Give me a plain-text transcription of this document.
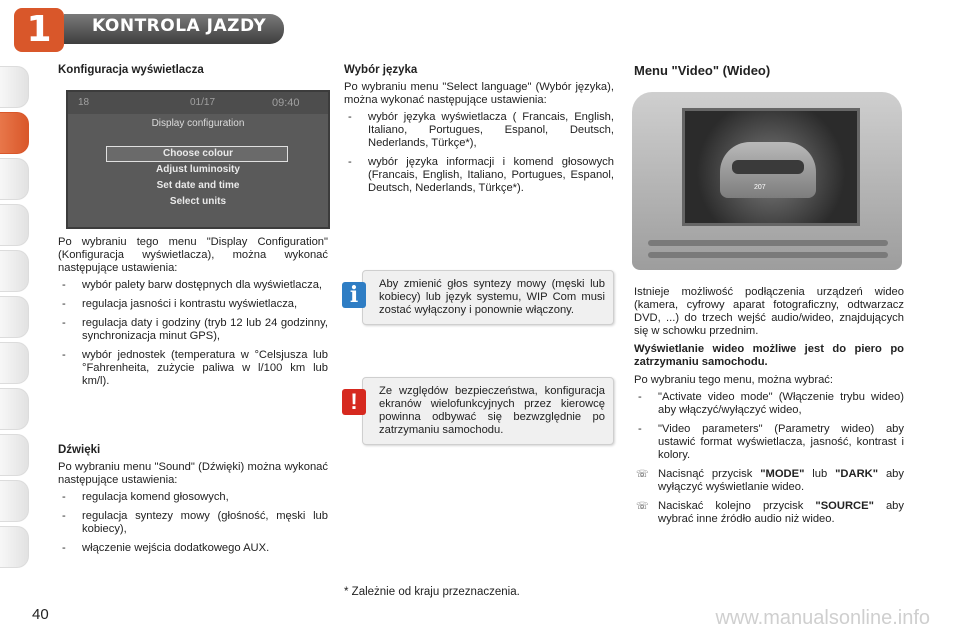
1	KONTROLA JAZDY
Konfiguracja wyświetlacza
18	01/17	09:40
Display configuration
Choose colour
Adjust luminosity
Set date and time
Select units
Po wybraniu tego menu "Display Configuration" (Konfiguracja wyświetlacza), można wykonać następujące ustawienia:
- wybór palety barw dostępnych dla wyświetlacza,
- regulacja jasności i kontrastu wyświetlacza,
- regulacja daty i godziny (tryb 12 lub 24 godzinny, synchronizacja minut GPS),
- wybór jednostek (temperatura w °Celsjusza lub °Fahrenheita, zużycie paliwa w l/100 km lub km/l).
Dźwięki
Po wybraniu menu "Sound" (Dźwięki) można wykonać następujące ustawienia:
- regulacja komend głosowych,
- regulacja syntezy mowy (głośność, męski lub kobiecy),
- włączenie wejścia dodatkowego AUX.
Wybór języka
Po wybraniu menu "Select language" (Wybór języka), można wykonać następujące ustawienia:
- wybór języka wyświetlacza ( Francais, English, Italiano, Portugues, Espanol, Deutsch, Nederlands, Türkçe*),
- wybór języka informacji i komend głosowych (Francais, English, Italiano, Portugues, Espanol, Deutsch, Nederlands, Türkçe*).
Aby zmienić głos syntezy mowy (męski lub kobiecy) lub język systemu, WIP Com musi zostać wyłączony i ponownie włączony.
i
Ze względów bezpieczeństwa, konfiguracja ekranów wielofunkcyjnych przez kierowcę powinna odbywać się bezwzględnie po zatrzymaniu samochodu.
!
* Zależnie od kraju przeznaczenia.
Menu "Video" (Wideo)
207
Istnieje możliwość podłączenia urządzeń wideo (kamera, cyfrowy aparat fotograficzny, odtwarzacz DVD, ...) do trzech wejść audio/wideo, znajdujących się w schowku przednim.
Wyświetlanie wideo możliwe jest do piero po zatrzymaniu samochodu.
Po wybraniu tego menu, można wybrać:
- "Activate video mode" (Włączenie trybu wideo) aby włączyć/wyłączyć wideo,
- "Video parameters" (Parametry wideo) aby ustawić format wyświetlacza, jasność, kontrast i kolory.
☏ Nacisnąć przycisk "MODE" lub "DARK" aby wyłączyć wyświetlanie wideo.
☏ Naciskać kolejno przycisk "SOURCE" aby wybrać inne źródło audio niż wideo.
40	www.manualsonline.info
